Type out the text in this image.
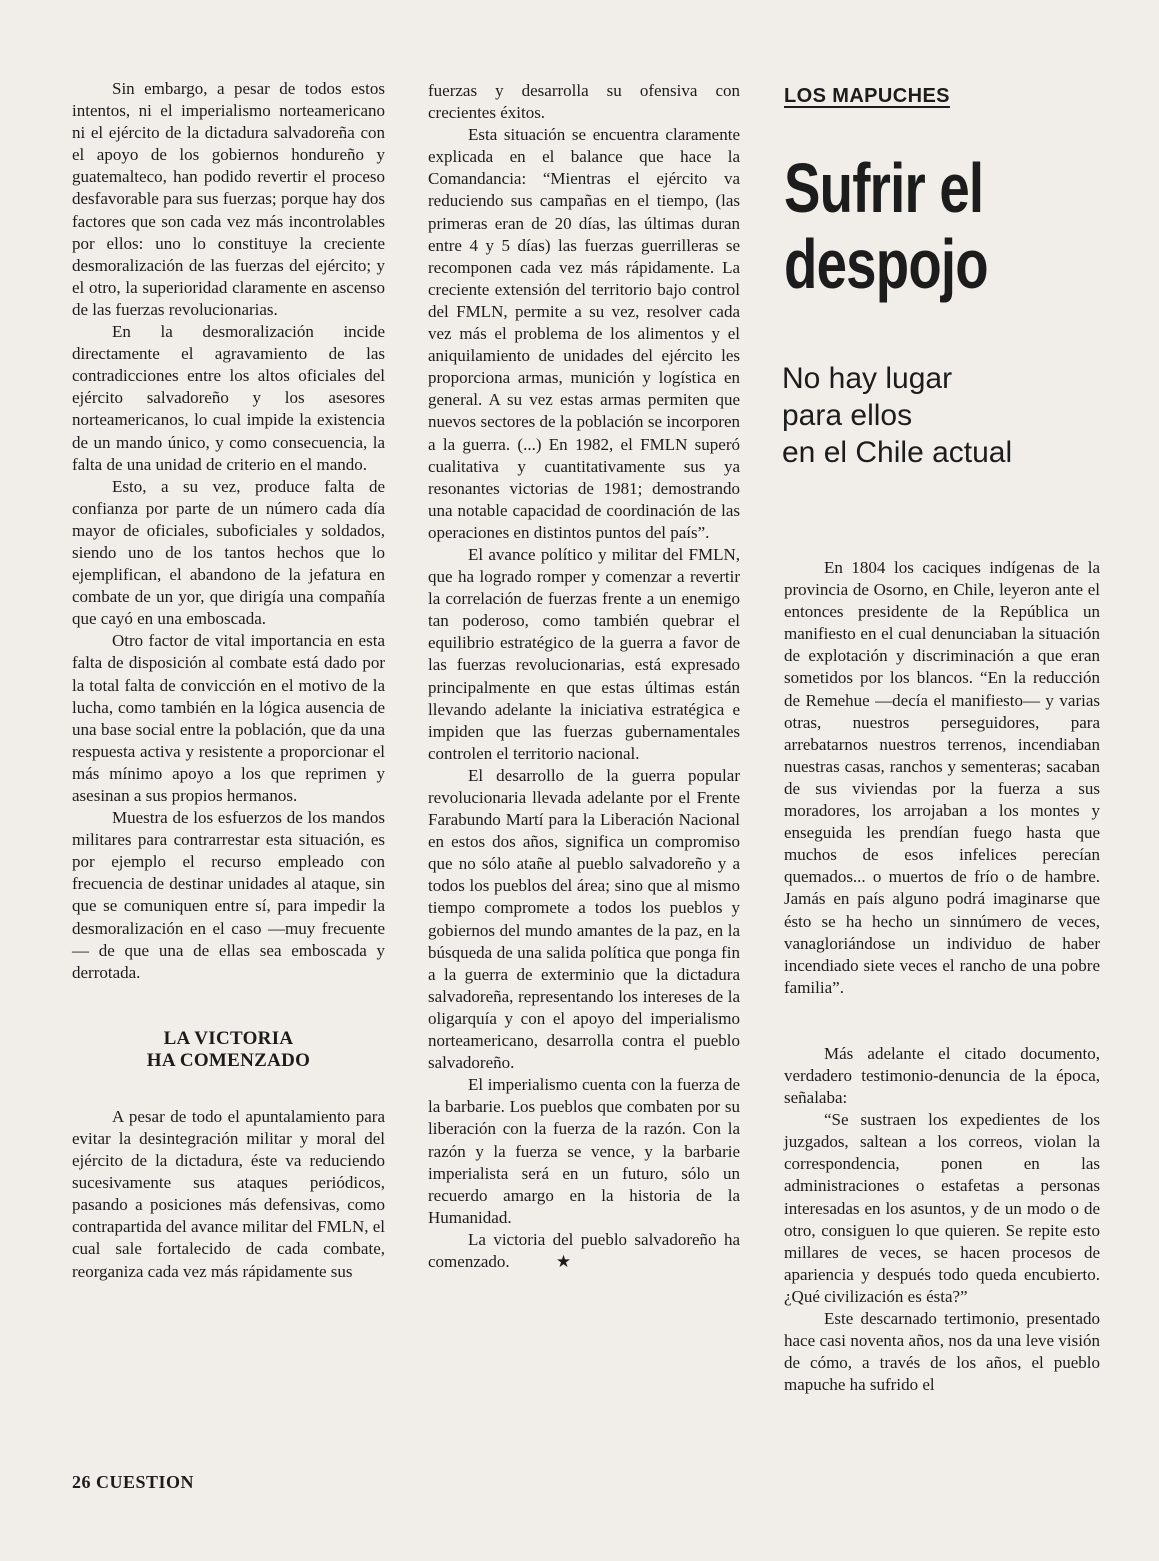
Sin embargo, a pesar de todos estos intentos, ni el imperialismo norteamericano ni el ejército de la dictadura salvadoreña con el apoyo de los gobiernos hondureño y guatemalteco, han podido revertir el proceso desfavorable para sus fuerzas; porque hay dos factores que son cada vez más incontrolables por ellos: uno lo constituye la creciente desmoralización de las fuerzas del ejército; y el otro, la superioridad claramente en ascenso de las fuerzas revolucionarias.

En la desmoralización incide directamente el agravamiento de las contradicciones entre los altos oficiales del ejército salvadoreño y los asesores norteamericanos, lo cual impide la existencia de un mando único, y como consecuencia, la falta de una unidad de criterio en el mando.

Esto, a su vez, produce falta de confianza por parte de un número cada día mayor de oficiales, suboficiales y soldados, siendo uno de los tantos hechos que lo ejemplifican, el abandono de la jefatura en combate de un yor, que dirigía una compañía que cayó en una emboscada.

Otro factor de vital importancia en esta falta de disposición al combate está dado por la total falta de convicción en el motivo de la lucha, como también en la lógica ausencia de una base social entre la población, que da una respuesta activa y resistente a proporcionar el más mínimo apoyo a los que reprimen y asesinan a sus propios hermanos.

Muestra de los esfuerzos de los mandos militares para contrarrestar esta situación, es por ejemplo el recurso empleado con frecuencia de destinar unidades al ataque, sin que se comuniquen entre sí, para impedir la desmoralización en el caso —muy frecuente— de que una de ellas sea emboscada y derrotada.

LA VICTORIA
HA COMENZADO

A pesar de todo el apuntalamiento para evitar la desintegración militar y moral del ejército de la dictadura, éste va reduciendo sucesivamente sus ataques periódicos, pasando a posiciones más defensivas, como contrapartida del avance militar del FMLN, el cual sale fortalecido de cada combate, reorganiza cada vez más rápidamente sus

fuerzas y desarrolla su ofensiva con crecientes éxitos.

Esta situación se encuentra claramente explicada en el balance que hace la Comandancia: “Mientras el ejército va reduciendo sus campañas en el tiempo, (las primeras eran de 20 días, las últimas duran entre 4 y 5 días) las fuerzas guerrilleras se recomponen cada vez más rápidamente. La creciente extensión del territorio bajo control del FMLN, permite a su vez, resolver cada vez más el problema de los alimentos y el aniquilamiento de unidades del ejército les proporciona armas, munición y logística en general. A su vez estas armas permiten que nuevos sectores de la población se incorporen a la guerra. (...) En 1982, el FMLN superó cualitativa y cuantitativamente sus ya resonantes victorias de 1981; demostrando una notable capacidad de coordinación de las operaciones en distintos puntos del país”.

El avance político y militar del FMLN, que ha logrado romper y comenzar a revertir la correlación de fuerzas frente a un enemigo tan poderoso, como también quebrar el equilibrio estratégico de la guerra a favor de las fuerzas revolucionarias, está expresado principalmente en que estas últimas están llevando adelante la iniciativa estratégica e impiden que las fuerzas gubernamentales controlen el territorio nacional.

El desarrollo de la guerra popular revolucionaria llevada adelante por el Frente Farabundo Martí para la Liberación Nacional en estos dos años, significa un compromiso que no sólo atañe al pueblo salvadoreño y a todos los pueblos del área; sino que al mismo tiempo compromete a todos los pueblos y gobiernos del mundo amantes de la paz, en la búsqueda de una salida política que ponga fin a la guerra de exterminio que la dictadura salvadoreña, representando los intereses de la oligarquía y con el apoyo del imperialismo norteamericano, desarrolla contra el pueblo salvadoreño.

El imperialismo cuenta con la fuerza de la barbarie. Los pueblos que combaten por su liberación con la fuerza de la razón. Con la razón y la fuerza se vence, y la barbarie imperialista será en un futuro, sólo un recuerdo amargo en la historia de la Humanidad.

La victoria del pueblo salvadoreño ha comenzado.	★

LOS MAPUCHES
Sufrir el
despojo
No hay lugar
para ellos
en el Chile actual

En 1804 los caciques indígenas de la provincia de Osorno, en Chile, leyeron ante el entonces presidente de la República un manifiesto en el cual denunciaban la situación de explotación y discriminación a que eran sometidos por los blancos. “En la reducción de Remehue —decía el manifiesto— y varias otras, nuestros perseguidores, para arrebatarnos nuestros terrenos, incendiaban nuestras casas, ranchos y sementeras; sacaban de sus viviendas por la fuerza a sus moradores, los arrojaban a los montes y enseguida les prendían fuego hasta que muchos de esos infelices perecían quemados... o muertos de frío o de hambre. Jamás en país alguno podrá imaginarse que ésto se ha hecho un sinnúmero de veces, vanagloriándose un individuo de haber incendiado siete veces el rancho de una pobre familia”.

Más adelante el citado documento, verdadero testimonio-denuncia de la época, señalaba:

“Se sustraen los expedientes de los juzgados, saltean a los correos, violan la correspondencia, ponen en las administraciones o estafetas a personas interesadas en los asuntos, y de un modo o de otro, consiguen lo que quieren. Se repite esto millares de veces, se hacen procesos de apariencia y después todo queda encubierto. ¿Qué civilización es ésta?”

Este descarnado tertimonio, presentado hace casi noventa años, nos da una leve visión de cómo, a través de los años, el pueblo mapuche ha sufrido el

26 CUESTION
